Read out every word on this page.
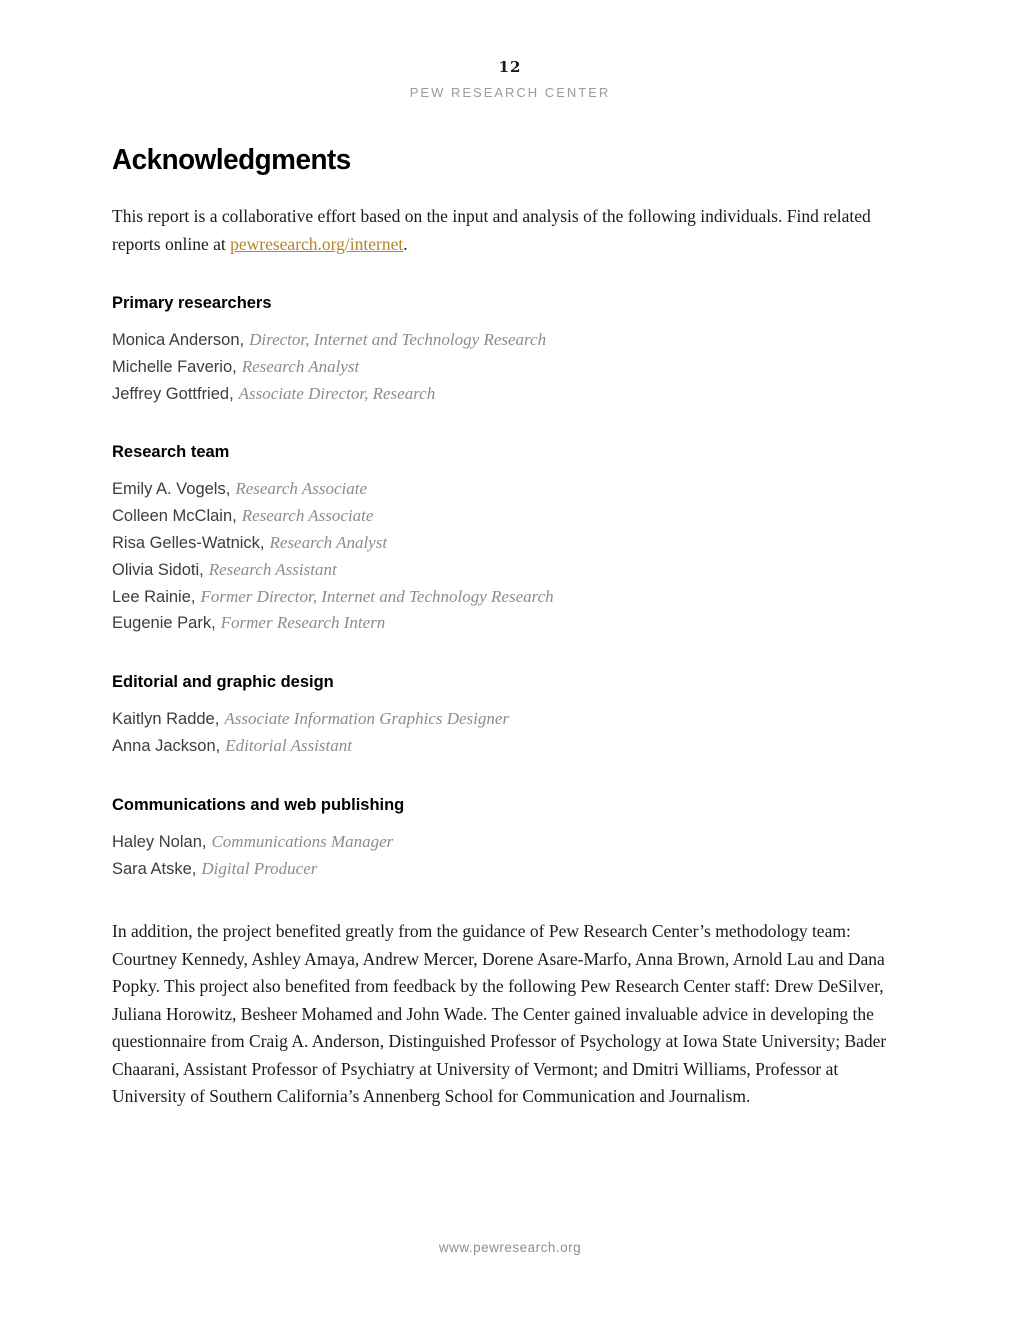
12
PEW RESEARCH CENTER
Acknowledgments

This report is a collaborative effort based on the input and analysis of the following individuals. Find related reports online at pewresearch.org/internet.

Primary researchers
Monica Anderson, Director, Internet and Technology Research
Michelle Faverio, Research Analyst
Jeffrey Gottfried, Associate Director, Research
Research team
Emily A. Vogels, Research Associate
Colleen McClain, Research Associate
Risa Gelles-Watnick, Research Analyst
Olivia Sidoti, Research Assistant
Lee Rainie, Former Director, Internet and Technology Research
Eugenie Park, Former Research Intern
Editorial and graphic design
Kaitlyn Radde, Associate Information Graphics Designer
Anna Jackson, Editorial Assistant
Communications and web publishing
Haley Nolan, Communications Manager
Sara Atske, Digital Producer

In addition, the project benefited greatly from the guidance of Pew Research Center’s methodology team: Courtney Kennedy, Ashley Amaya, Andrew Mercer, Dorene Asare-Marfo, Anna Brown, Arnold Lau and Dana Popky. This project also benefited from feedback by the following Pew Research Center staff: Drew DeSilver, Juliana Horowitz, Besheer Mohamed and John Wade. The Center gained invaluable advice in developing the questionnaire from Craig A. Anderson, Distinguished Professor of Psychology at Iowa State University; Bader Chaarani, Assistant Professor of Psychiatry at University of Vermont; and Dmitri Williams, Professor at University of Southern California’s Annenberg School for Communication and Journalism.

www.pewresearch.org
